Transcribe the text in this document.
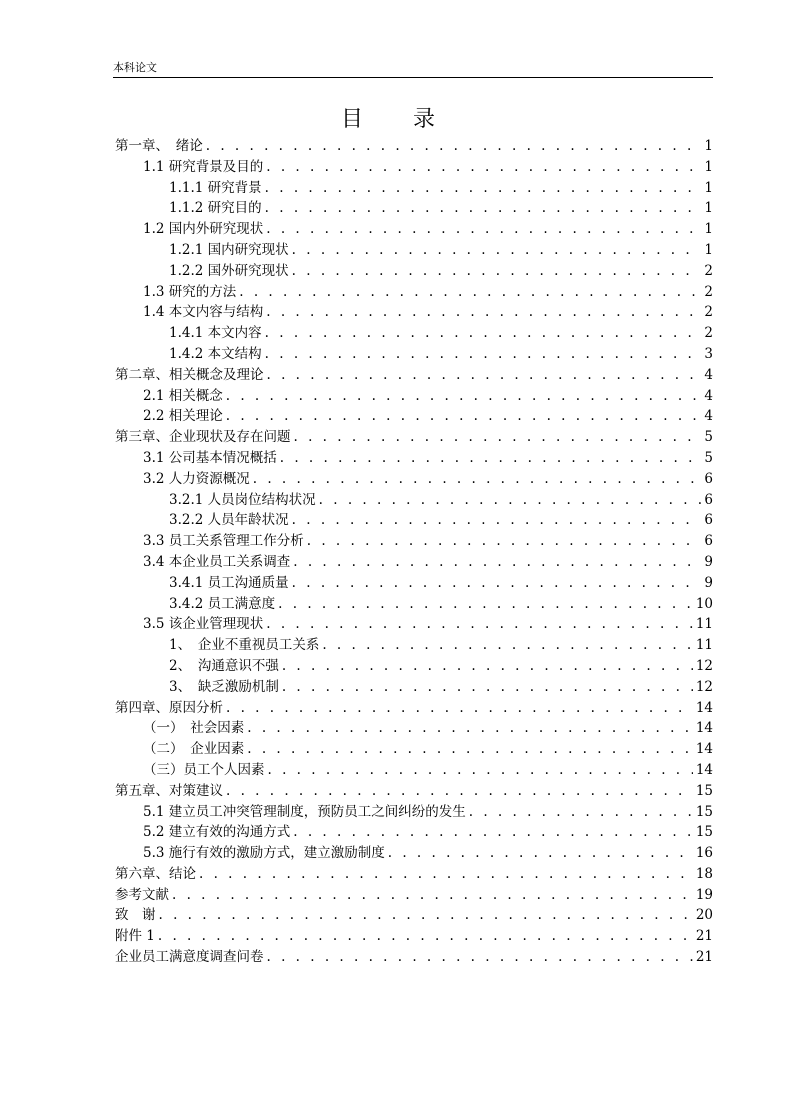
本科论文
目　录
第一章、　绪论 . . .	1
1.1 研究背景及目的 . . .	1
1.1.1 研究背景 . . .	1
1.1.2 研究目的 . . .	1
1.2 国内外研究现状 . . .	1
1.2.1 国内研究现状 . . .	1
1.2.2 国外研究现状 . . .	2
1.3 研究的方法 . . .	2
1.4 本文内容与结构 . . .	2
1.4.1 本文内容 . . .	2
1.4.2 本文结构 . . .	3
第二章、相关概念及理论 . . .	4
2.1 相关概念 . . .	4
2.2 相关理论 . . .	4
第三章、企业现状及存在问题 . . .	5
3.1 公司基本情况概括 . . .	5
3.2 人力资源概况 . . .	6
3.2.1 人员岗位结构状况 . . .	6
3.2.2 人员年龄状况 . . .	6
3.3 员工关系管理工作分析 . . .	6
3.4 本企业员工关系调查 . . .	9
3.4.1 员工沟通质量 . . .	9
3.4.2 员工满意度 . . .	10
3.5 该企业管理现状 . . .	11
1、　企业不重视员工关系 . . .	11
2、　沟通意识不强 . . .	12
3、　缺乏激励机制 . . .	12
第四章、原因分析 . . .	14
（一）　社会因素 . . .	14
（二）　企业因素 . . .	14
（三）员工个人因素 . . .	14
第五章、对策建议 . . .	15
5.1 建立员工冲突管理制度，预防员工之间纠纷的发生 . . .	15
5.2 建立有效的沟通方式 . . .	15
5.3 施行有效的激励方式，建立激励制度 . . .	16
第六章、结论 . . .	18
参考文献 . . .	19
致　谢 . . .	20
附件 1 . . .	21
企业员工满意度调查问卷 . . .	21
